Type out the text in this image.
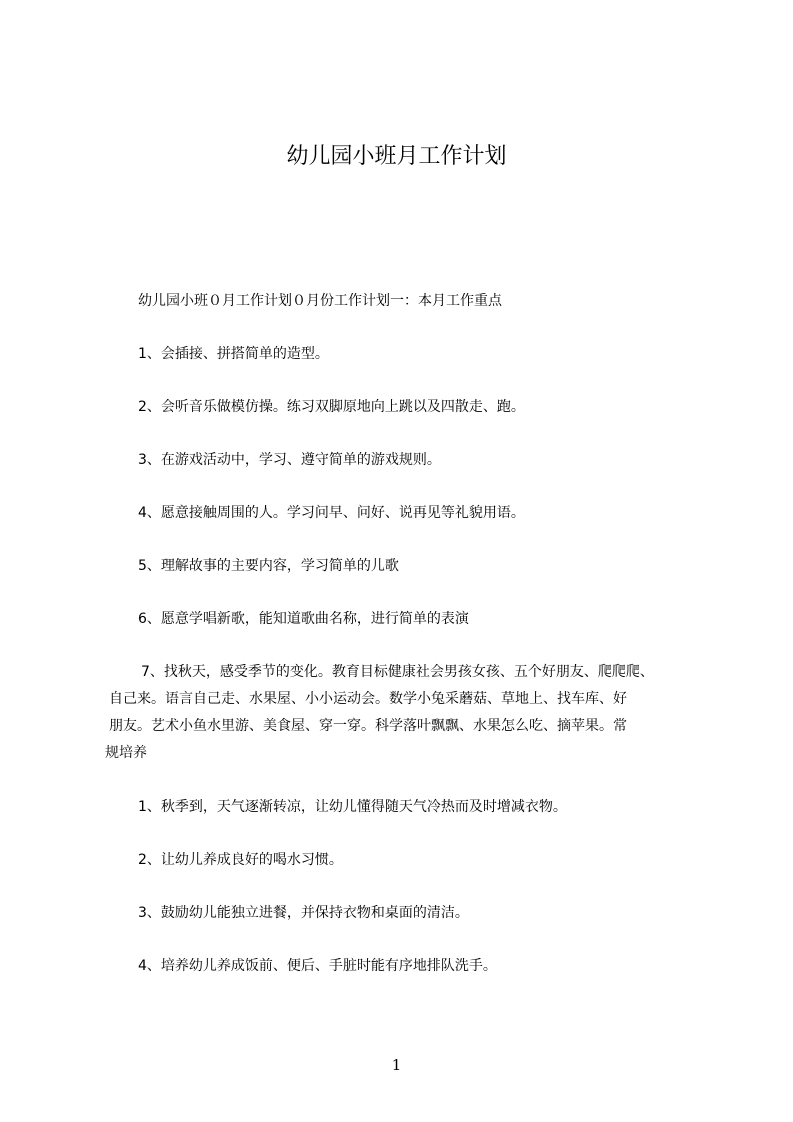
幼儿园小班月工作计划
幼儿园小班０月工作计划０月份工作计划一：本月工作重点
1、会插接、拼搭简单的造型。
2、会听音乐做模仿操。练习双脚原地向上跳以及四散走、跑。
3、在游戏活动中，学习、遵守简单的游戏规则。
4、愿意接触周围的人。学习问早、问好、说再见等礼貌用语。
5、理解故事的主要内容，学习简单的儿歌
6、愿意学唱新歌，能知道歌曲名称，进行简单的表演
7、找秋天，感受季节的变化。教育目标健康社会男孩女孩、五个好朋友、爬爬爬、
自己来。语言自己走、水果屋、小小运动会。数学小兔采蘑菇、草地上、找车库、好
朋友。艺术小鱼水里游、美食屋、穿一穿。科学落叶飘飘、水果怎么吃、摘苹果。常
规培养
1、秋季到，天气逐渐转凉，让幼儿懂得随天气冷热而及时增减衣物。
2、让幼儿养成良好的喝水习惯。
3、鼓励幼儿能独立进餐，并保持衣物和桌面的清洁。
4、培养幼儿养成饭前、便后、手脏时能有序地排队洗手。
1
